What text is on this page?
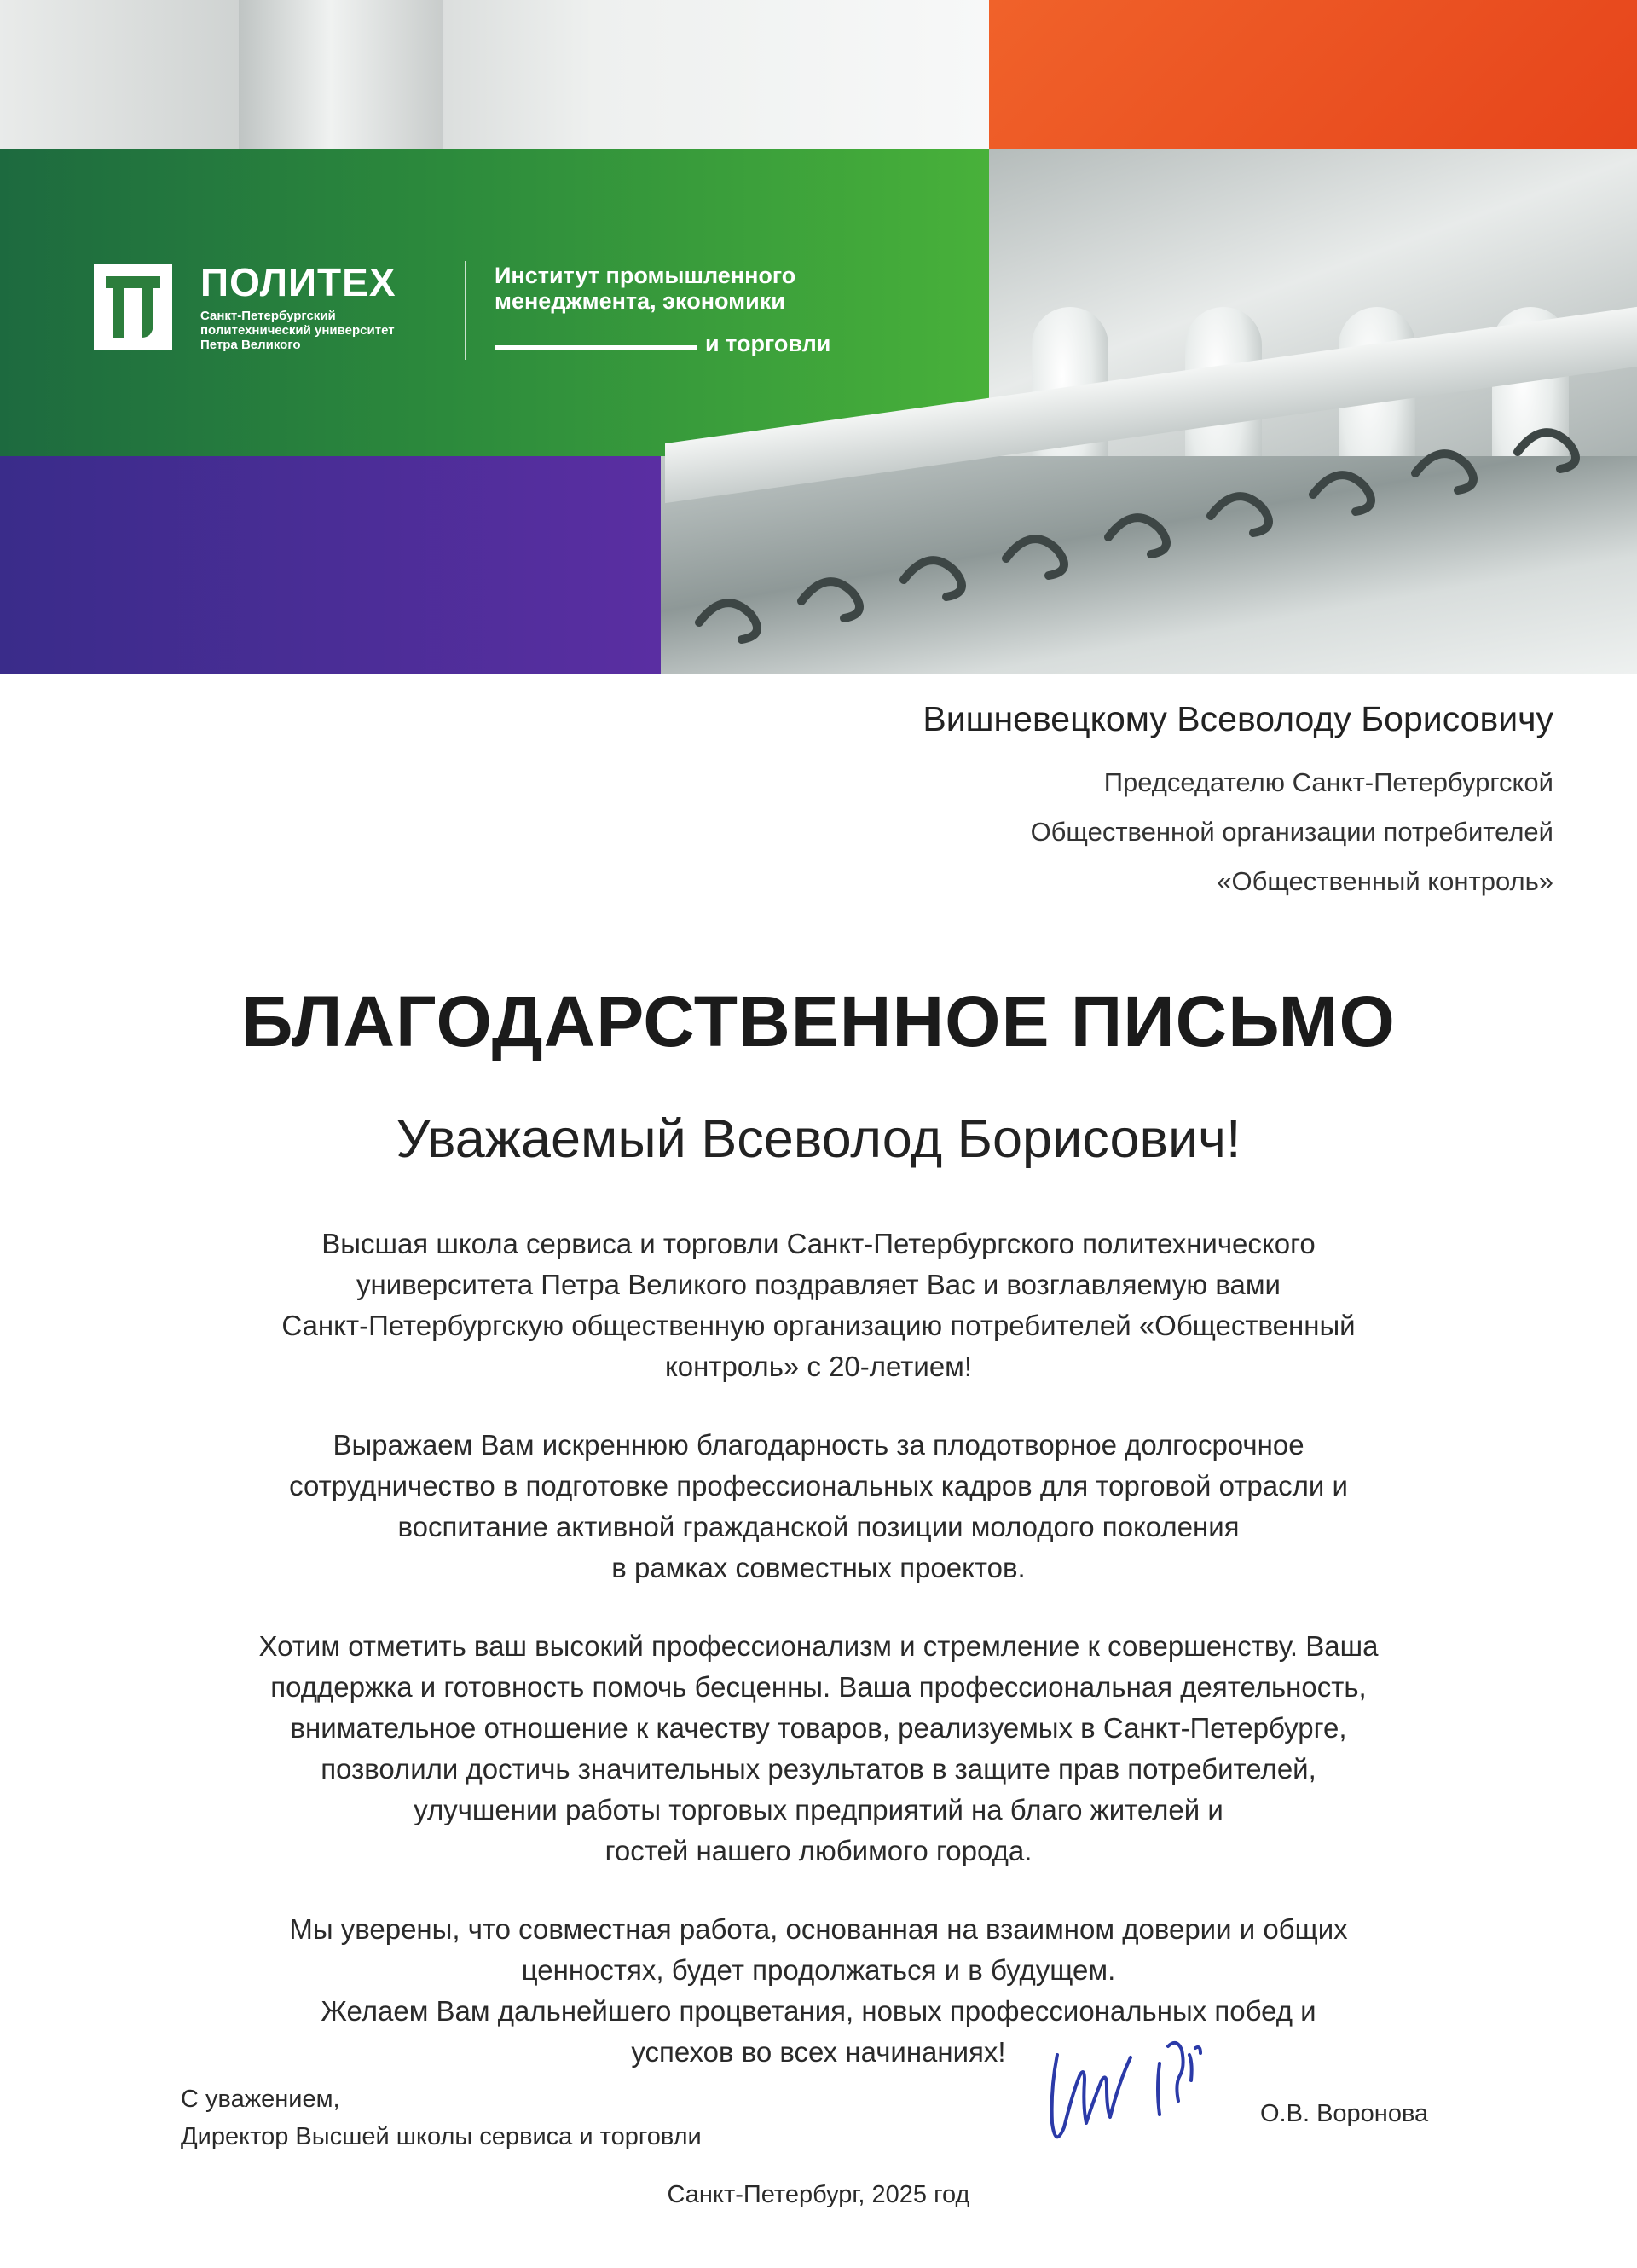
ПОЛИТЕХ
Санкт-Петербургский
политехнический университет
Петра Великого
Институт промышленного
менеджмента, экономики
и торговли
Вишневецкому Всеволоду Борисовичу
Председателю Санкт-Петербургской
Общественной организации потребителей
«Общественный контроль»
БЛАГОДАРСТВЕННОЕ ПИСЬМО
Уважаемый Всеволод Борисович!

Высшая школа сервиса и торговли Санкт-Петербургского политехнического
университета Петра Великого поздравляет Вас и возглавляемую вами
Санкт-Петербургскую общественную организацию потребителей «Общественный
контроль» с 20-летием!

Выражаем Вам искреннюю благодарность за плодотворное долгосрочное
сотрудничество в подготовке профессиональных кадров для торговой отрасли и
воспитание активной гражданской позиции молодого поколения
в рамках совместных проектов.

Хотим отметить ваш высокий профессионализм и стремление к совершенству. Ваша
поддержка и готовность помочь бесценны. Ваша профессиональная деятельность,
внимательное отношение к качеству товаров, реализуемых в Санкт-Петербурге,
позволили достичь значительных результатов в защите прав потребителей,
улучшении работы торговых предприятий на благо жителей и
гостей нашего любимого города.

Мы уверены, что совместная работа, основанная на взаимном доверии и общих
ценностях, будет продолжаться и в будущем.
Желаем Вам дальнейшего процветания, новых профессиональных побед и
успехов во всех начинаниях!

С уважением,
Директор Высшей школы сервиса и торговли
О.В. Воронова
Санкт-Петербург, 2025 год
